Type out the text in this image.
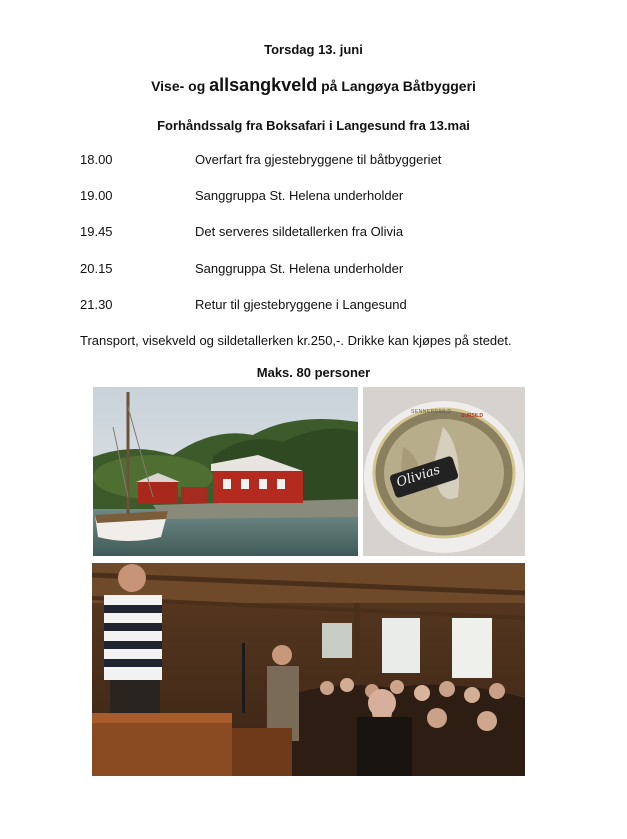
Torsdag 13. juni
Vise- og allsangkveld på Langøya Båtbyggeri
Forhåndssalg fra Boksafari i Langesund fra 13.mai
18.00	Overfart fra gjestebryggene til båtbyggeriet
19.00	Sanggruppa St. Helena underholder
19.45	Det serveres sildetallerken fra Olivia
20.15	Sanggruppa St. Helena underholder
21.30	Retur til gjestebryggene i Langesund
Transport, visekveld og sildetallerken kr.250,-. Drikke kan kjøpes på stedet.
Maks. 80 personer
Olivias
SENNEPSSILD
SURSILD
